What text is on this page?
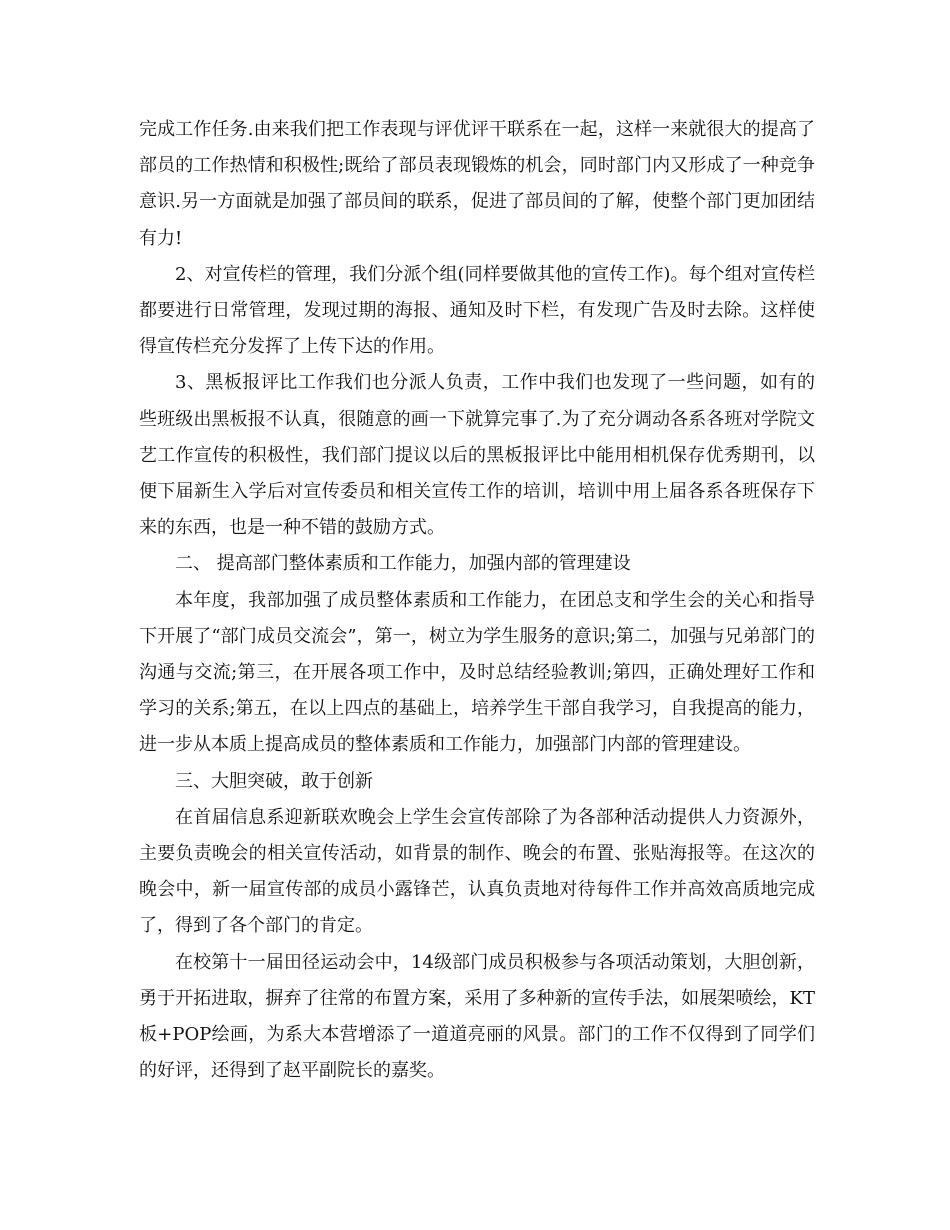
完成工作任务.由来我们把工作表现与评优评干联系在一起，这样一来就很大的提高了部员的工作热情和积极性;既给了部员表现锻炼的机会，同时部门内又形成了一种竞争意识.另一方面就是加强了部员间的联系，促进了部员间的了解，使整个部门更加团结有力!

2、对宣传栏的管理，我们分派个组(同样要做其他的宣传工作)。每个组对宣传栏都要进行日常管理，发现过期的海报、通知及时下栏，有发现广告及时去除。这样使得宣传栏充分发挥了上传下达的作用。

3、黑板报评比工作我们也分派人负责，工作中我们也发现了一些问题，如有的些班级出黑板报不认真，很随意的画一下就算完事了.为了充分调动各系各班对学院文艺工作宣传的积极性，我们部门提议以后的黑板报评比中能用相机保存优秀期刊，以便下届新生入学后对宣传委员和相关宣传工作的培训，培训中用上届各系各班保存下来的东西，也是一种不错的鼓励方式。

二、 提高部门整体素质和工作能力，加强内部的管理建设

本年度，我部加强了成员整体素质和工作能力，在团总支和学生会的关心和指导下开展了“部门成员交流会”，第一，树立为学生服务的意识;第二，加强与兄弟部门的沟通与交流;第三，在开展各项工作中，及时总结经验教训;第四，正确处理好工作和学习的关系;第五，在以上四点的基础上，培养学生干部自我学习，自我提高的能力，进一步从本质上提高成员的整体素质和工作能力，加强部门内部的管理建设。

三、大胆突破，敢于创新

在首届信息系迎新联欢晚会上学生会宣传部除了为各部种活动提供人力资源外，主要负责晚会的相关宣传活动，如背景的制作、晚会的布置、张贴海报等。在这次的晚会中，新一届宣传部的成员小露锋芒，认真负责地对待每件工作并高效高质地完成了，得到了各个部门的肯定。

在校第十一届田径运动会中，14级部门成员积极参与各项活动策划，大胆创新，勇于开拓进取，摒弃了往常的布置方案，采用了多种新的宣传手法，如展架喷绘，KT板+POP绘画，为系大本营增添了一道道亮丽的风景。部门的工作不仅得到了同学们的好评，还得到了赵平副院长的嘉奖。
